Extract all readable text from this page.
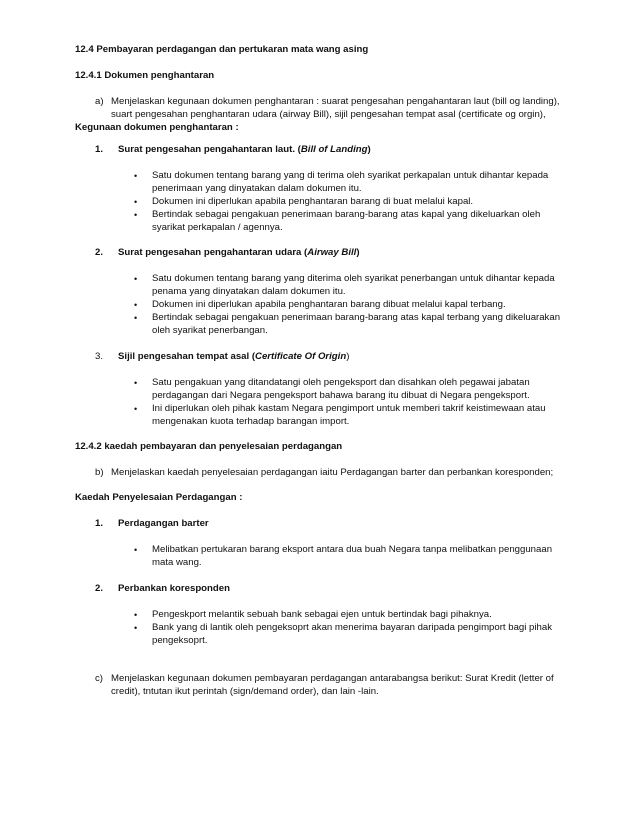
12.4 Pembayaran perdagangan dan pertukaran mata wang asing
12.4.1 Dokumen penghantaran
a) Menjelaskan kegunaan dokumen penghantaran : suarat pengesahan pengahantaran laut (bill og landing),
suart pengesahan penghantaran udara (airway Bill), sijil pengesahan tempat asal (certificate og orgin),
Kegunaan dokumen penghantaran :
1. Surat pengesahan pengahantaran laut. (Bill of Landing)
• Satu dokumen tentang barang yang di terima oleh syarikat perkapalan untuk dihantar kepada
penerimaan yang dinyatakan dalam dokumen itu.
• Dokumen ini diperlukan apabila penghantaran barang di buat melalui kapal.
• Bertindak sebagai pengakuan penerimaan barang-barang atas kapal yang dikeluarkan oleh
syarikat perkapalan / agennya.
2. Surat pengesahan pengahantaran udara (Airway Bill)
• Satu dokumen tentang barang yang diterima oleh syarikat penerbangan untuk dihantar kepada
penama yang dinyatakan dalam dokumen itu.
• Dokumen ini diperlukan apabila penghantaran barang dibuat melalui kapal terbang.
• Bertindak sebagai pengakuan penerimaan barang-barang atas kapal terbang yang dikeluarakan
oleh syarikat penerbangan.
3. Sijil pengesahan tempat asal (Certificate Of Origin)
• Satu pengakuan yang ditandatangi oleh pengeksport dan disahkan oleh pegawai jabatan
perdagangan dari Negara pengeksport bahawa barang itu dibuat di Negara pengeksport.
• Ini diperlukan oleh pihak kastam Negara pengimport untuk memberi takrif keistimewaan atau
mengenakan kuota terhadap barangan import.
12.4.2 kaedah pembayaran dan penyelesaian perdagangan
b) Menjelaskan kaedah penyelesaian perdagangan iaitu Perdagangan barter dan perbankan koresponden;
Kaedah Penyelesaian Perdagangan :
1. Perdagangan barter
• Melibatkan pertukaran barang eksport antara dua buah Negara tanpa melibatkan penggunaan
mata wang.
2. Perbankan koresponden
• Pengeskport melantik sebuah bank sebagai ejen untuk bertindak bagi pihaknya.
• Bank yang di lantik oleh pengeksoprt akan menerima bayaran daripada pengimport bagi pihak
pengeksoprt.
c) Menjelaskan kegunaan dokumen pembayaran perdagangan antarabangsa berikut: Surat Kredit (letter of
credit), tntutan ikut perintah (sign/demand order), dan lain -lain.
